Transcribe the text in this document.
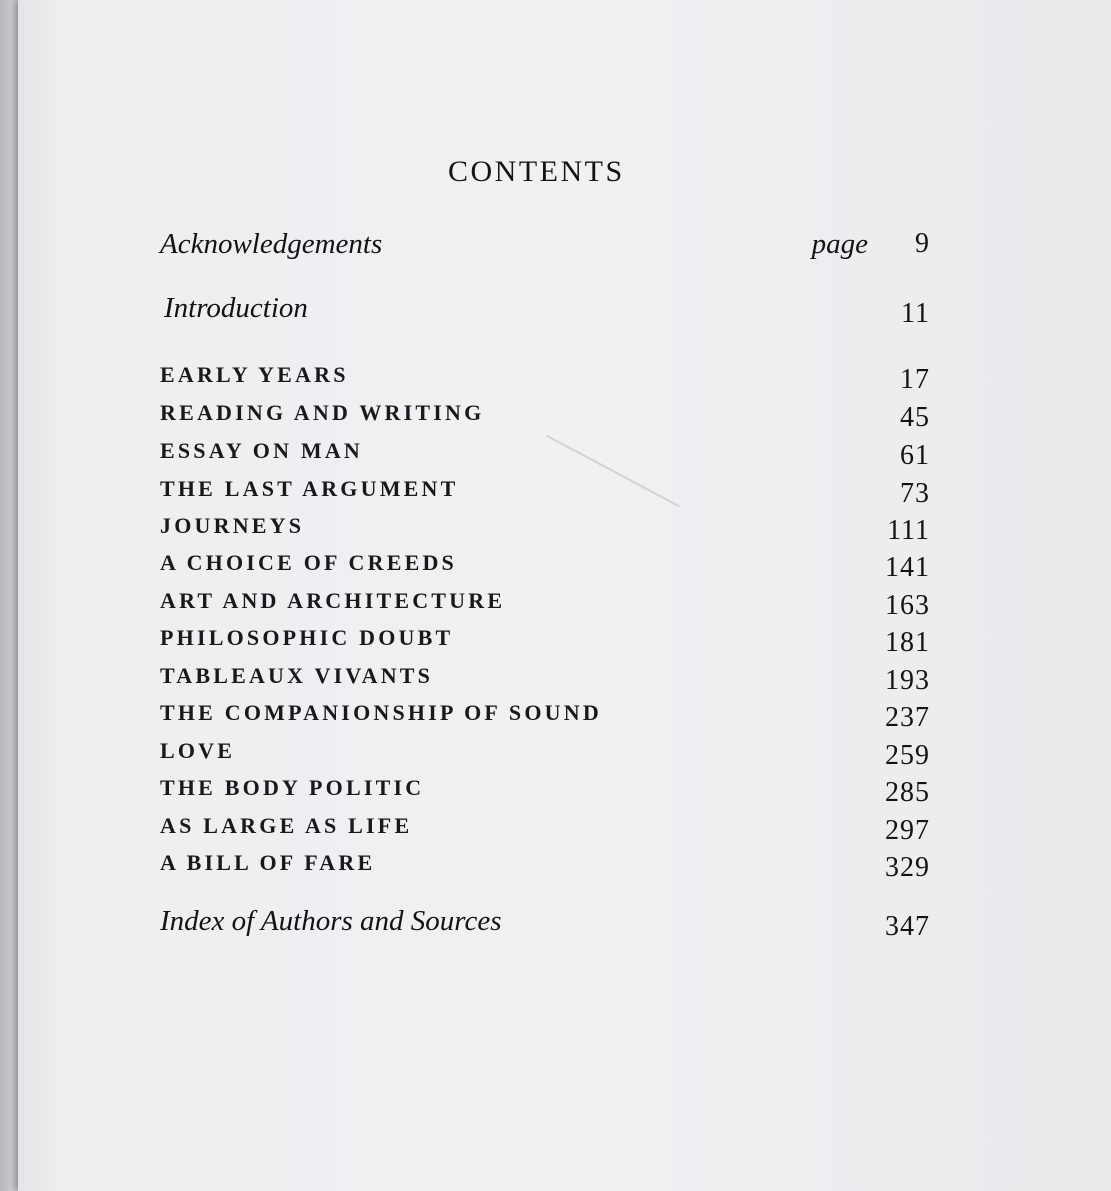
CONTENTS
Acknowledgements	page 9
Introduction	11
EARLY YEARS	17
READING AND WRITING	45
ESSAY ON MAN	61
THE LAST ARGUMENT	73
JOURNEYS	111
A CHOICE OF CREEDS	141
ART AND ARCHITECTURE	163
PHILOSOPHIC DOUBT	181
TABLEAUX VIVANTS	193
THE COMPANIONSHIP OF SOUND	237
LOVE	259
THE BODY POLITIC	285
AS LARGE AS LIFE	297
A BILL OF FARE	329
Index of Authors and Sources	347
